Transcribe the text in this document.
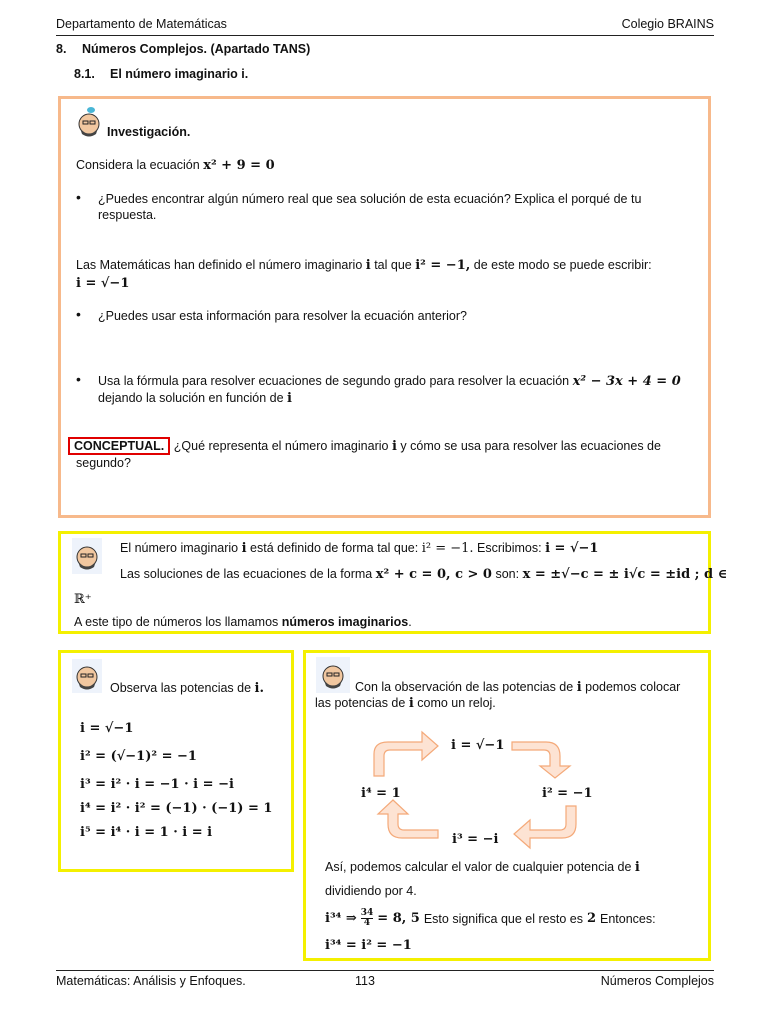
Departamento de Matemáticas	Colegio BRAINS
8. Números Complejos. (Apartado TANS)
8.1. El número imaginario i.
Investigación.
Considera la ecuación x² + 9 = 0
• ¿Puedes encontrar algún número real que sea solución de esta ecuación? Explica el porqué de tu
respuesta.
Las Matemáticas han definido el número imaginario i tal que i² = −1, de este modo se puede escribir:
i = √−1
• ¿Puedes usar esta información para resolver la ecuación anterior?
• Usa la fórmula para resolver ecuaciones de segundo grado para resolver la ecuación x² − 3x + 4 = 0
dejando la solución en función de i
CONCEPTUAL. ¿Qué representa el número imaginario i y cómo se usa para resolver las ecuaciones de
segundo?
El número imaginario i está definido de forma tal que: i² = −1. Escribimos: i = √−1
Las soluciones de las ecuaciones de la forma x² + c = 0, c > 0 son: x = ±√−c = ± i√c = ±id ; d ∈
ℝ⁺
A este tipo de números los llamamos números imaginarios.
Observa las potencias de i.
i = √−1
i² = (√−1)² = −1
i³ = i² · i = −1 · i = −i
i⁴ = i² · i² = (−1) · (−1) = 1
i⁵ = i⁴ · i = 1 · i = i
Con la observación de las potencias de i podemos colocar
las potencias de i como un reloj.
i = √−1
i² = −1
i³ = −i
i⁴ = 1
Así, podemos calcular el valor de cualquier potencia de i
dividiendo por 4.
i³⁴ ⇒ $\frac{34}{4} = 8$, 5 Esto significa que el resto es 2 Entonces:
i³⁴ = i² = −1
Matemáticas: Análisis y Enfoques.	113	Números Complejos
